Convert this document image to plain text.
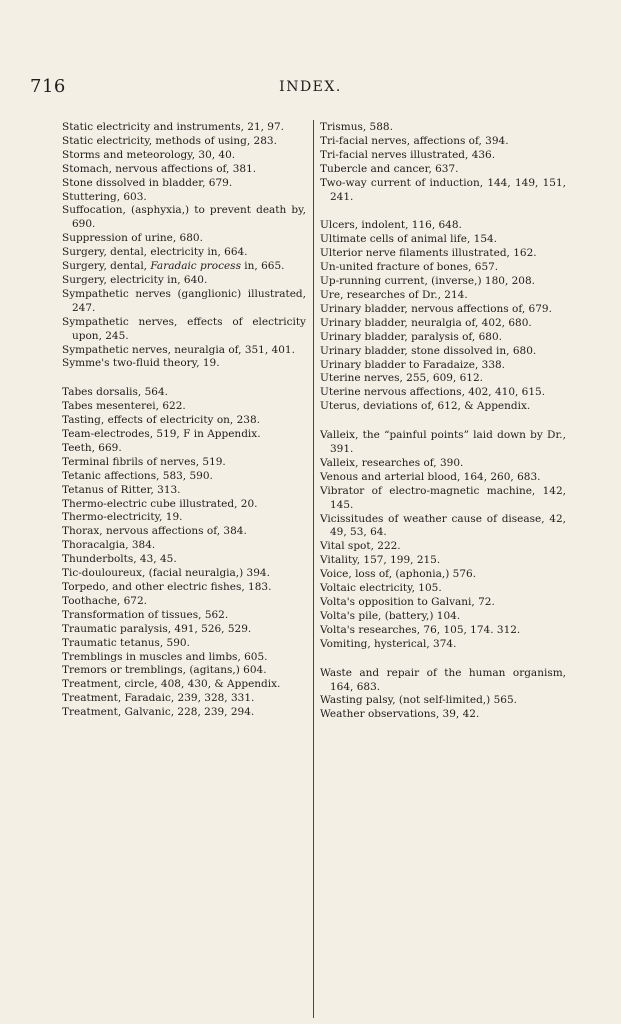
716	INDEX.
Static electricity and instruments, 21, 97.
Static electricity, methods of using, 283.
Storms and meteorology, 30, 40.
Stomach, nervous affections of, 381.
Stone dissolved in bladder, 679.
Stuttering, 603.
Suffocation, (asphyxia,) to prevent death by, 690.
Suppression of urine, 680.
Surgery, dental, electricity in, 664.
Surgery, dental, Faradaic process in, 665.
Surgery, electricity in, 640.
Sympathetic nerves (ganglionic) illustrated, 247.
Sympathetic nerves, effects of electricity upon, 245.
Sympathetic nerves, neuralgia of, 351, 401.
Symme's two-fluid theory, 19.
Tabes dorsalis, 564.
Tabes mesenterei, 622.
Tasting, effects of electricity on, 238.
Team-electrodes, 519, F in Appendix.
Teeth, 669.
Terminal fibrils of nerves, 519.
Tetanic affections, 583, 590.
Tetanus of Ritter, 313.
Thermo-electric cube illustrated, 20.
Thermo-electricity, 19.
Thorax, nervous affections of, 384.
Thoracalgia, 384.
Thunderbolts, 43, 45.
Tic-douloureux, (facial neuralgia,) 394.
Torpedo, and other electric fishes, 183.
Toothache, 672.
Transformation of tissues, 562.
Traumatic paralysis, 491, 526, 529.
Traumatic tetanus, 590.
Tremblings in muscles and limbs, 605.
Tremors or tremblings, (agitans,) 604.
Treatment, circle, 408, 430, & Appendix.
Treatment, Faradaic, 239, 328, 331.
Treatment, Galvanic, 228, 239, 294.
Trismus, 588.
Tri-facial nerves, affections of, 394.
Tri-facial nerves illustrated, 436.
Tubercle and cancer, 637.
Two-way current of induction, 144, 149, 151, 241.
Ulcers, indolent, 116, 648.
Ultimate cells of animal life, 154.
Ulterior nerve filaments illustrated, 162.
Un-united fracture of bones, 657.
Up-running current, (inverse,) 180, 208.
Ure, researches of Dr., 214.
Urinary bladder, nervous affections of, 679.
Urinary bladder, neuralgia of, 402, 680.
Urinary bladder, paralysis of, 680.
Urinary bladder, stone dissolved in, 680.
Urinary bladder to Faradaize, 338.
Uterine nerves, 255, 609, 612.
Uterine nervous affections, 402, 410, 615.
Uterus, deviations of, 612, & Appendix.
Valleix, the “painful points” laid down by Dr., 391.
Valleix, researches of, 390.
Venous and arterial blood, 164, 260, 683.
Vibrator of electro-magnetic machine, 142, 145.
Vicissitudes of weather cause of disease, 42, 49, 53, 64.
Vital spot, 222.
Vitality, 157, 199, 215.
Voice, loss of, (aphonia,) 576.
Voltaic electricity, 105.
Volta's opposition to Galvani, 72.
Volta's pile, (battery,) 104.
Volta's researches, 76, 105, 174. 312.
Vomiting, hysterical, 374.
Waste and repair of the human organism, 164, 683.
Wasting palsy, (not self-limited,) 565.
Weather observations, 39, 42.
